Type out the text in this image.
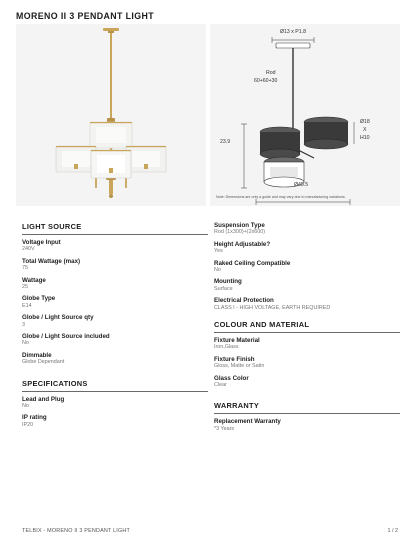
MORENO II 3 PENDANT LIGHT
Ø13 x P1.8
Rod
60+60+30
23.9
Ø18
X
H10
Ø45.5
Note: Dimensions are only a guide and may vary due to manufacturing variations.
LIGHT SOURCE
Voltage Input
240V
Total Wattage (max)
75
Wattage
25
Globe Type
E14
Globe / Light Source qty
3
Globe / Light Source included
No
Dimmable
Globe Dependant
SPECIFICATIONS
Lead and Plug
No
IP rating
IP20
Suspension Type
Rod (1x300)+(2x600)
Height Adjustable?
Yes
Raked Ceiling Compatible
No
Mounting
Surface
Electrical Protection
CLASS I - HIGH VOLTAGE, EARTH REQUIRED
COLOUR AND MATERIAL
Fixture Material
Iron,Glass
Fixture Finish
Gloss, Matte or Satin
Glass Color
Clear
WARRANTY
Replacement Warranty
*3 Years
TELBIX - MORENO II 3 PENDANT LIGHT	1 / 2
